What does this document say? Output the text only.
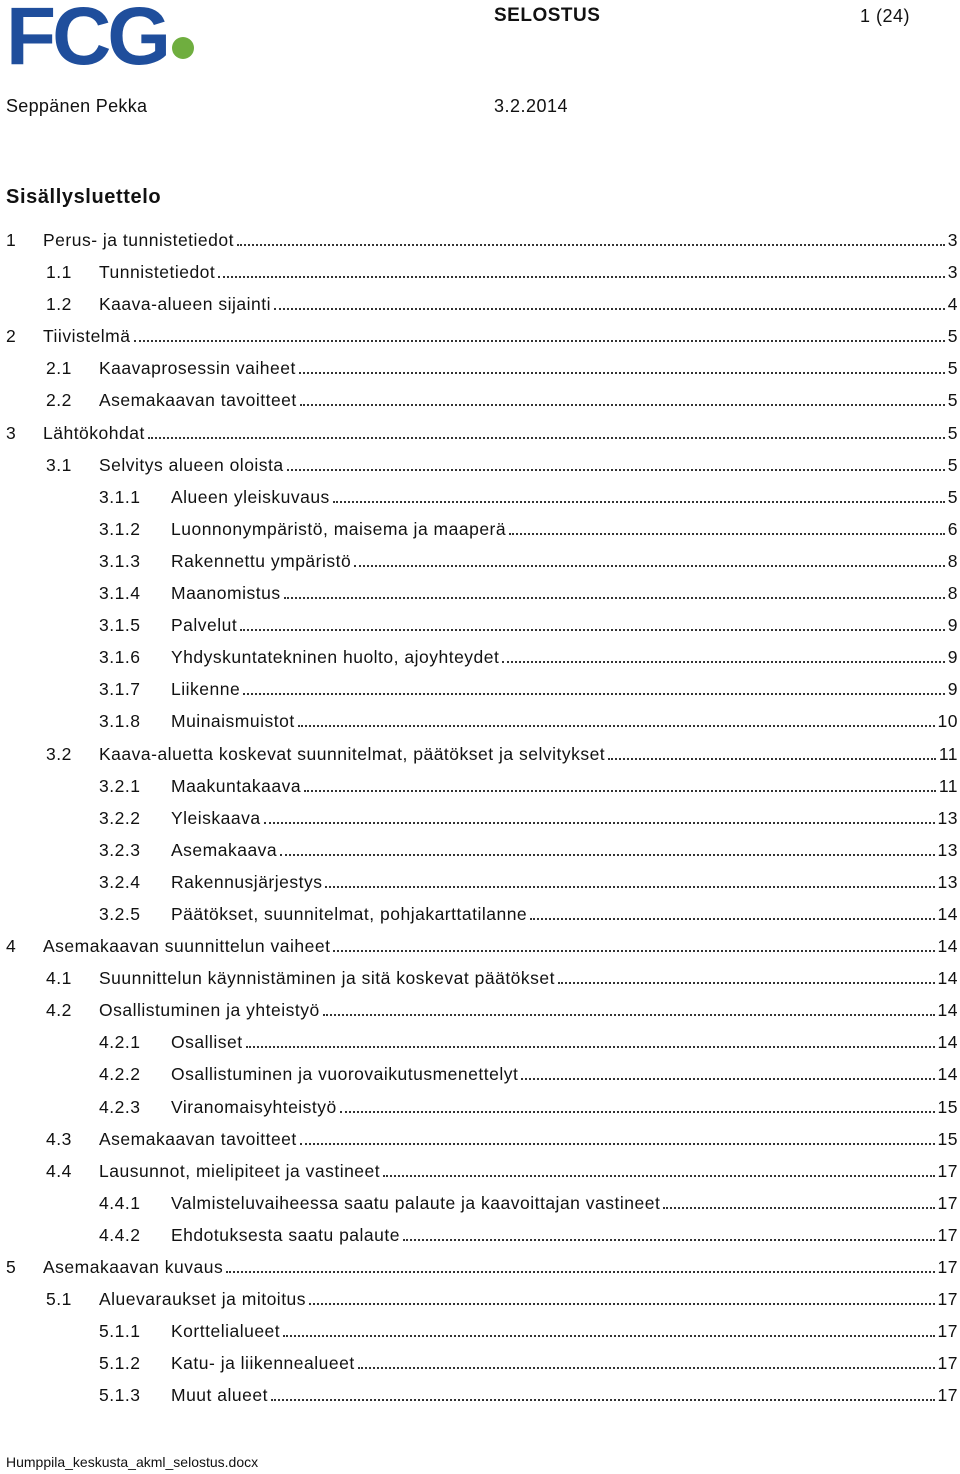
FCG	SELOSTUS	1 (24)
Seppänen Pekka	3.2.2014
Sisällysluettelo
1 Perus- ja tunnistetiedot	3
1.1 Tunnistetiedot	3
1.2 Kaava-alueen sijainti	4
2 Tiivistelmä	5
2.1 Kaavaprosessin vaiheet	5
2.2 Asemakaavan tavoitteet	5
3 Lähtökohdat	5
3.1 Selvitys alueen oloista	5
3.1.1 Alueen yleiskuvaus	5
3.1.2 Luonnonympäristö, maisema ja maaperä	6
3.1.3 Rakennettu ympäristö	8
3.1.4 Maanomistus	8
3.1.5 Palvelut	9
3.1.6 Yhdyskuntatekninen huolto, ajoyhteydet	9
3.1.7 Liikenne	9
3.1.8 Muinaismuistot	10
3.2 Kaava-aluetta koskevat suunnitelmat, päätökset ja selvitykset	11
3.2.1 Maakuntakaava	11
3.2.2 Yleiskaava	13
3.2.3 Asemakaava	13
3.2.4 Rakennusjärjestys	13
3.2.5 Päätökset, suunnitelmat, pohjakarttatilanne	14
4 Asemakaavan suunnittelun vaiheet	14
4.1 Suunnittelun käynnistäminen ja sitä koskevat päätökset	14
4.2 Osallistuminen ja yhteistyö	14
4.2.1 Osalliset	14
4.2.2 Osallistuminen ja vuorovaikutusmenettelyt	14
4.2.3 Viranomaisyhteistyö	15
4.3 Asemakaavan tavoitteet	15
4.4 Lausunnot, mielipiteet ja vastineet	17
4.4.1 Valmisteluvaiheessa saatu palaute ja kaavoittajan vastineet	17
4.4.2 Ehdotuksesta saatu palaute	17
5 Asemakaavan kuvaus	17
5.1 Aluevaraukset ja mitoitus	17
5.1.1 Korttelialueet	17
5.1.2 Katu- ja liikennealueet	17
5.1.3 Muut alueet	17
Humppila_keskusta_akml_selostus.docx
